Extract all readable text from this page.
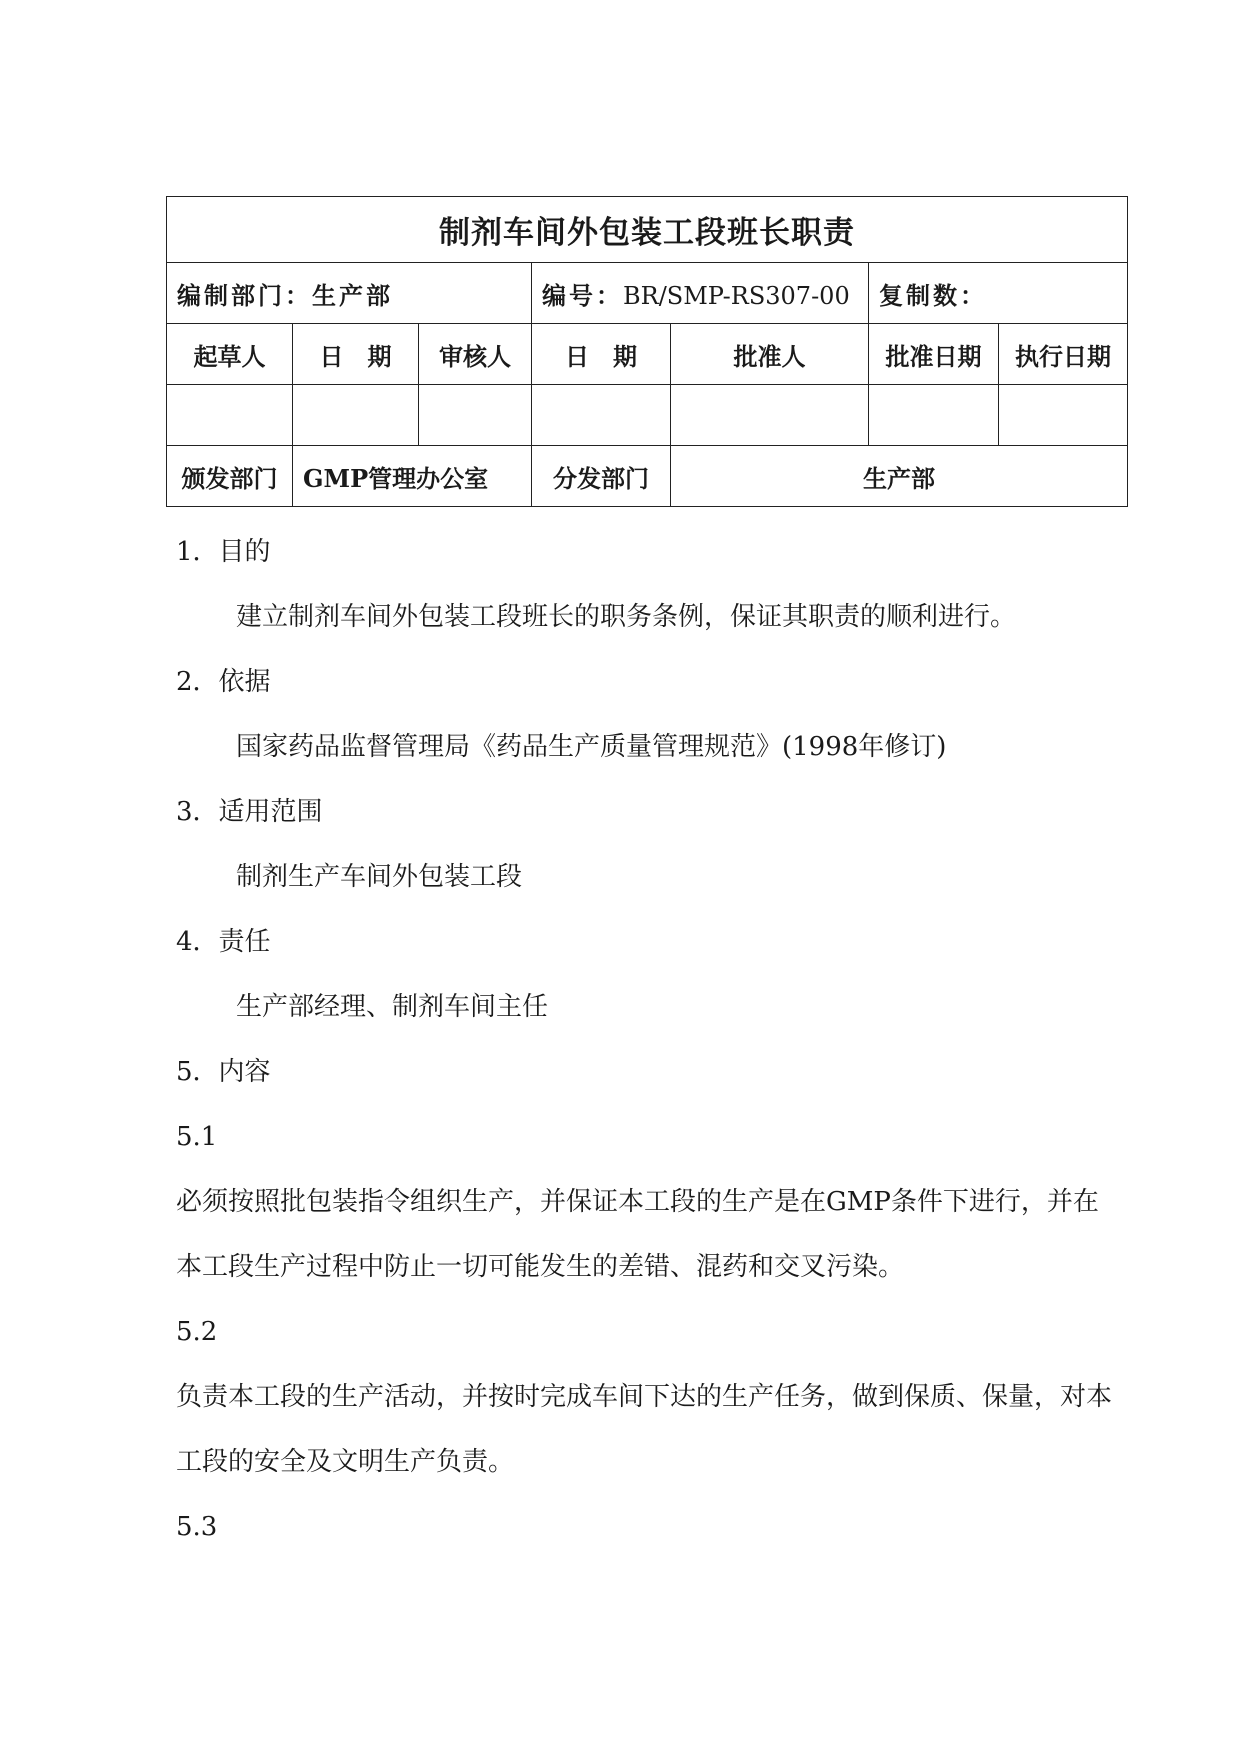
制剂车间外包装工段班长职责						
编制部门：生产部			编号：BR/SMP-RS307-00		复制数：	
起草人	日　期	审核人	日　期	批准人	批准日期	执行日期

颁发部门	GMP管理办公室		分发部门	生产部		
1．目的
建立制剂车间外包装工段班长的职务条例，保证其职责的顺利进行。
2．依据
国家药品监督管理局《药品生产质量管理规范》(1998年修订)
3．适用范围
制剂生产车间外包装工段
4．责任
生产部经理、制剂车间主任
5．内容
5.1
必须按照批包装指令组织生产，并保证本工段的生产是在GMP条件下进行，并在本工段生产过程中防止一切可能发生的差错、混药和交叉污染。
5.2
负责本工段的生产活动，并按时完成车间下达的生产任务，做到保质、保量，对本工段的安全及文明生产负责。
5.3
